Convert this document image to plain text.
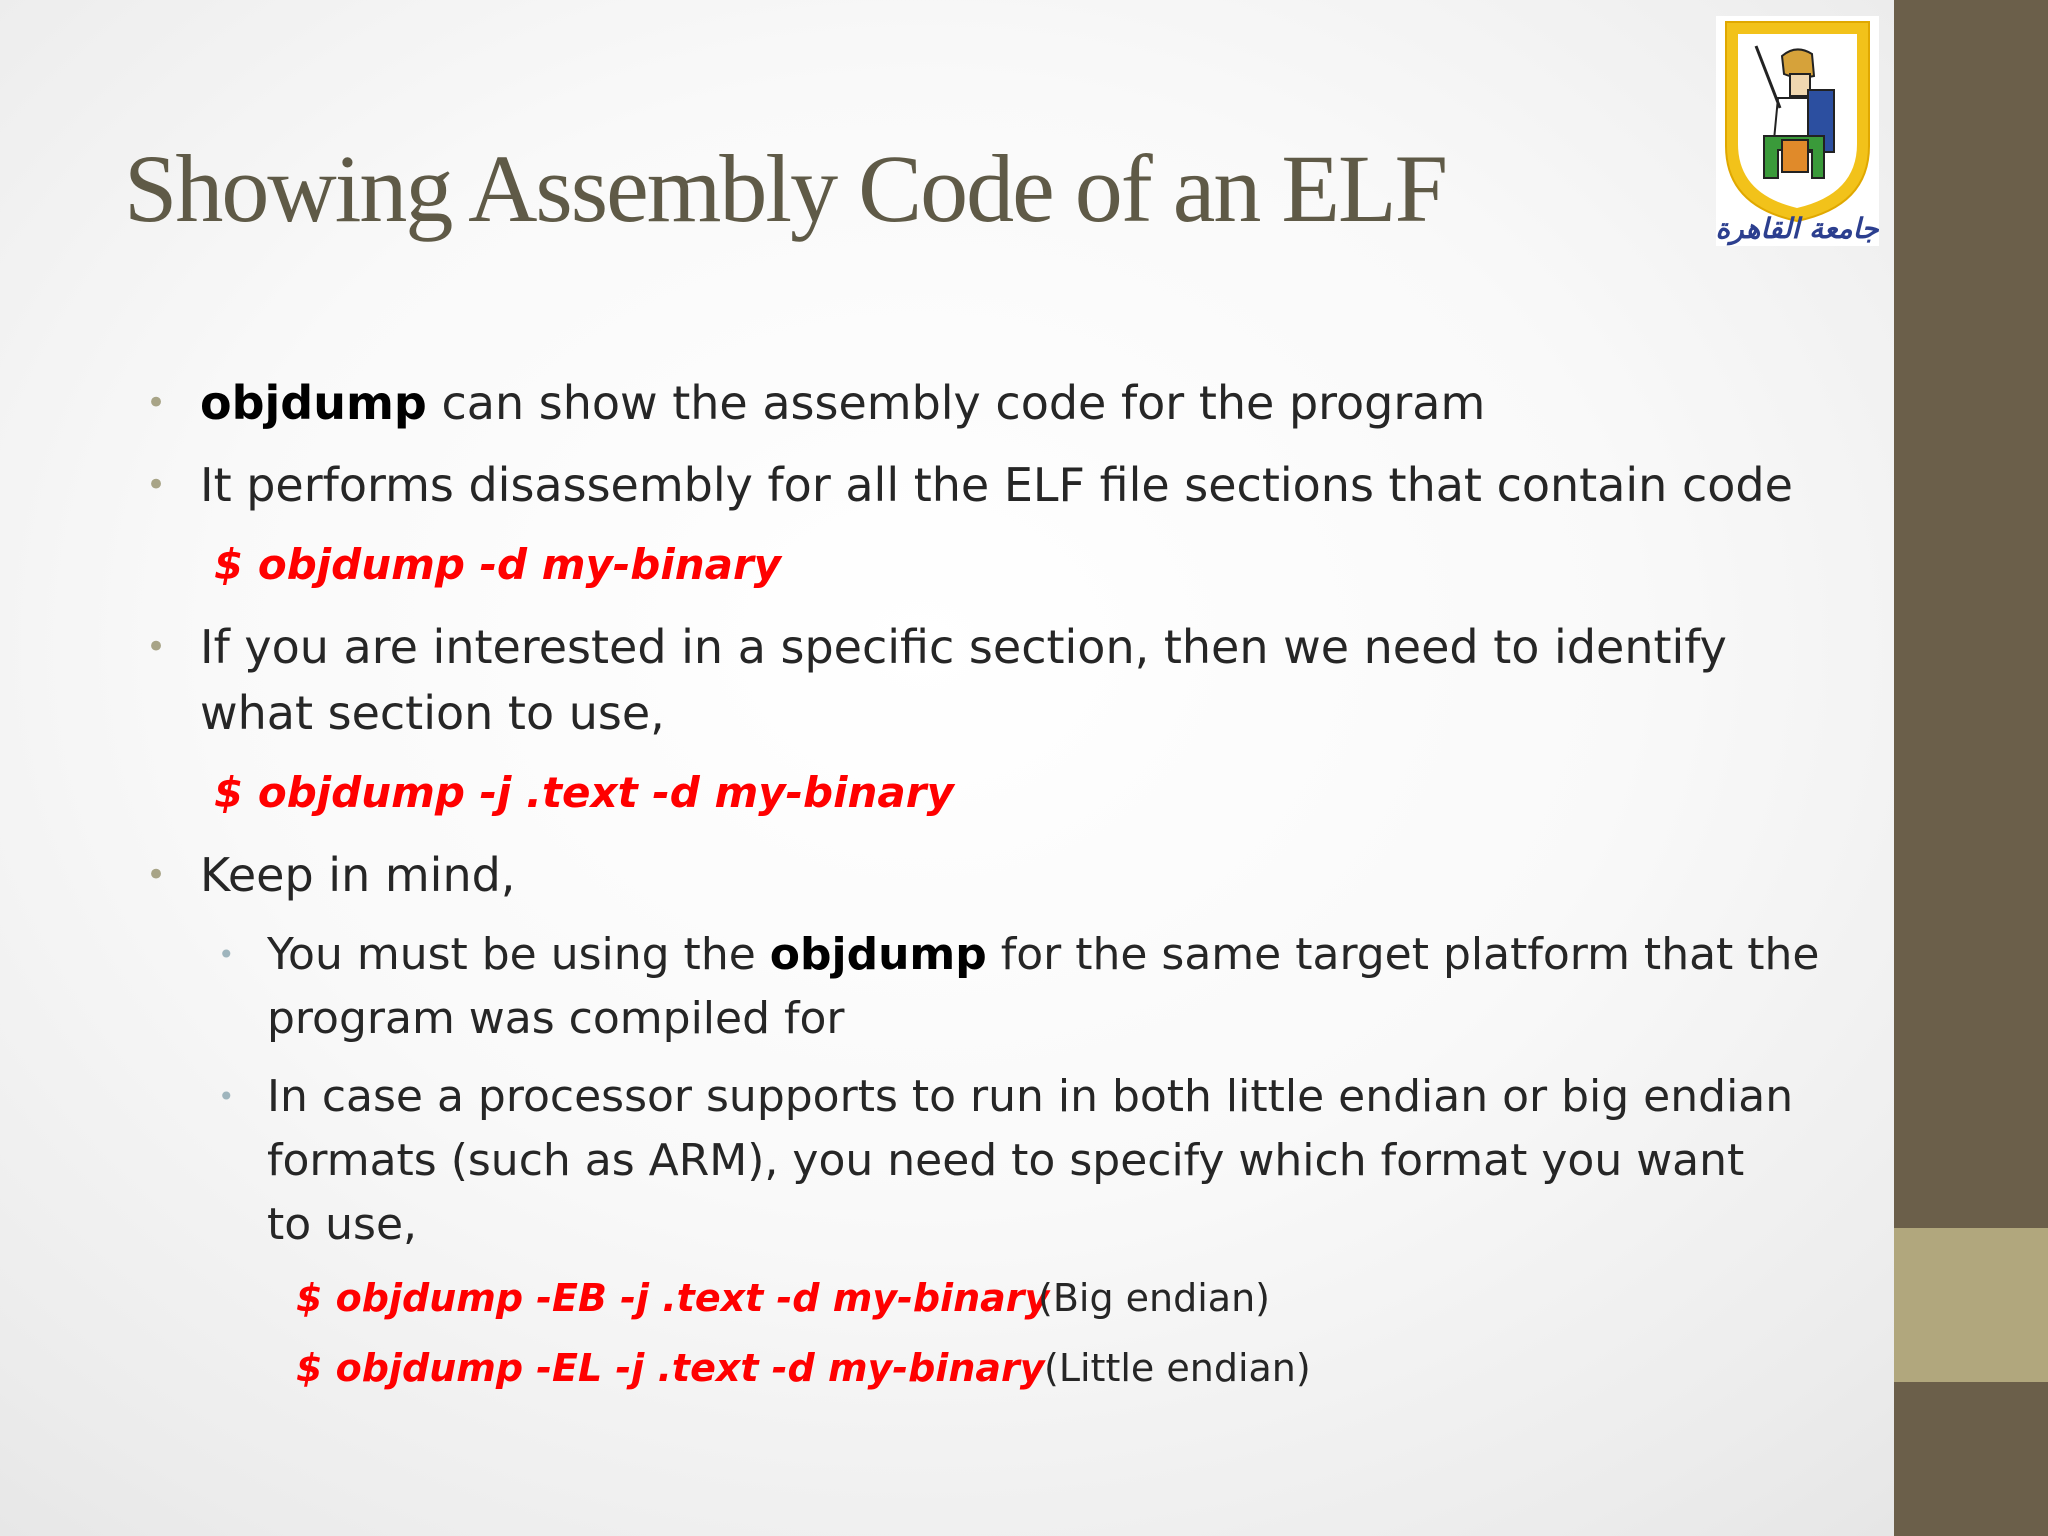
جامعة القاهرة
Showing Assembly Code of an ELF
• objdump can show the assembly code for the program
• It performs disassembly for all the ELF file sections that contain code
$ objdump -d my-binary
• If you are interested in a specific section, then we need to identify
what section to use,
$ objdump -j .text -d my-binary
• Keep in mind,
• You must be using the objdump for the same target platform that the
program was compiled for
• In case a processor supports to run in both little endian or big endian
formats (such as ARM), you need to specify which format you want
to use,
$ objdump -EB -j .text -d my-binary
(Big endian)
$ objdump -EL -j .text -d my-binary (Little endian)
